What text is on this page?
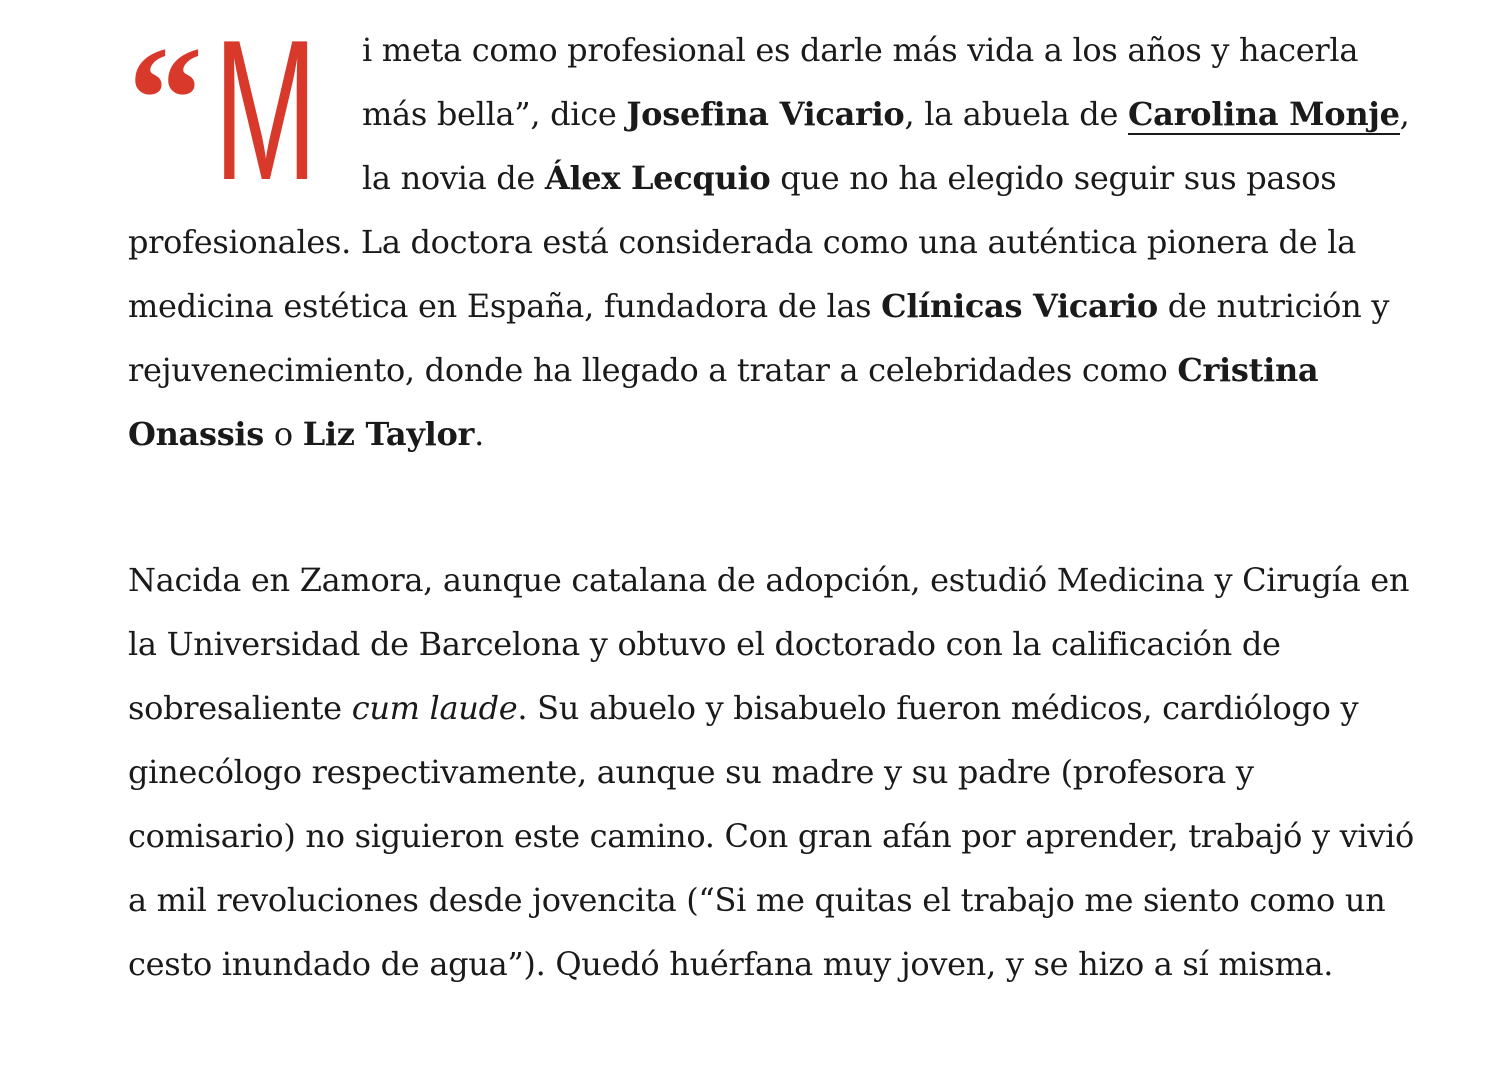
“ M i meta como profesional es darle más vida a los años y hacerla más bella”, dice Josefina Vicario, la abuela de Carolina Monje, la novia de Álex Lecquio que no ha elegido seguir sus pasos profesionales. La doctora está considerada como una auténtica pionera de la medicina estética en España, fundadora de las Clínicas Vicario de nutrición y rejuvenecimiento, donde ha llegado a tratar a celebridades como Cristina Onassis o Liz Taylor.

Nacida en Zamora, aunque catalana de adopción, estudió Medicina y Cirugía en la Universidad de Barcelona y obtuvo el doctorado con la calificación de sobresaliente cum laude. Su abuelo y bisabuelo fueron médicos, cardiólogo y ginecólogo respectivamente, aunque su madre y su padre (profesora y comisario) no siguieron este camino. Con gran afán por aprender, trabajó y vivió a mil revoluciones desde jovencita (“Si me quitas el trabajo me siento como un cesto inundado de agua”). Quedó huérfana muy joven, y se hizo a sí misma.
